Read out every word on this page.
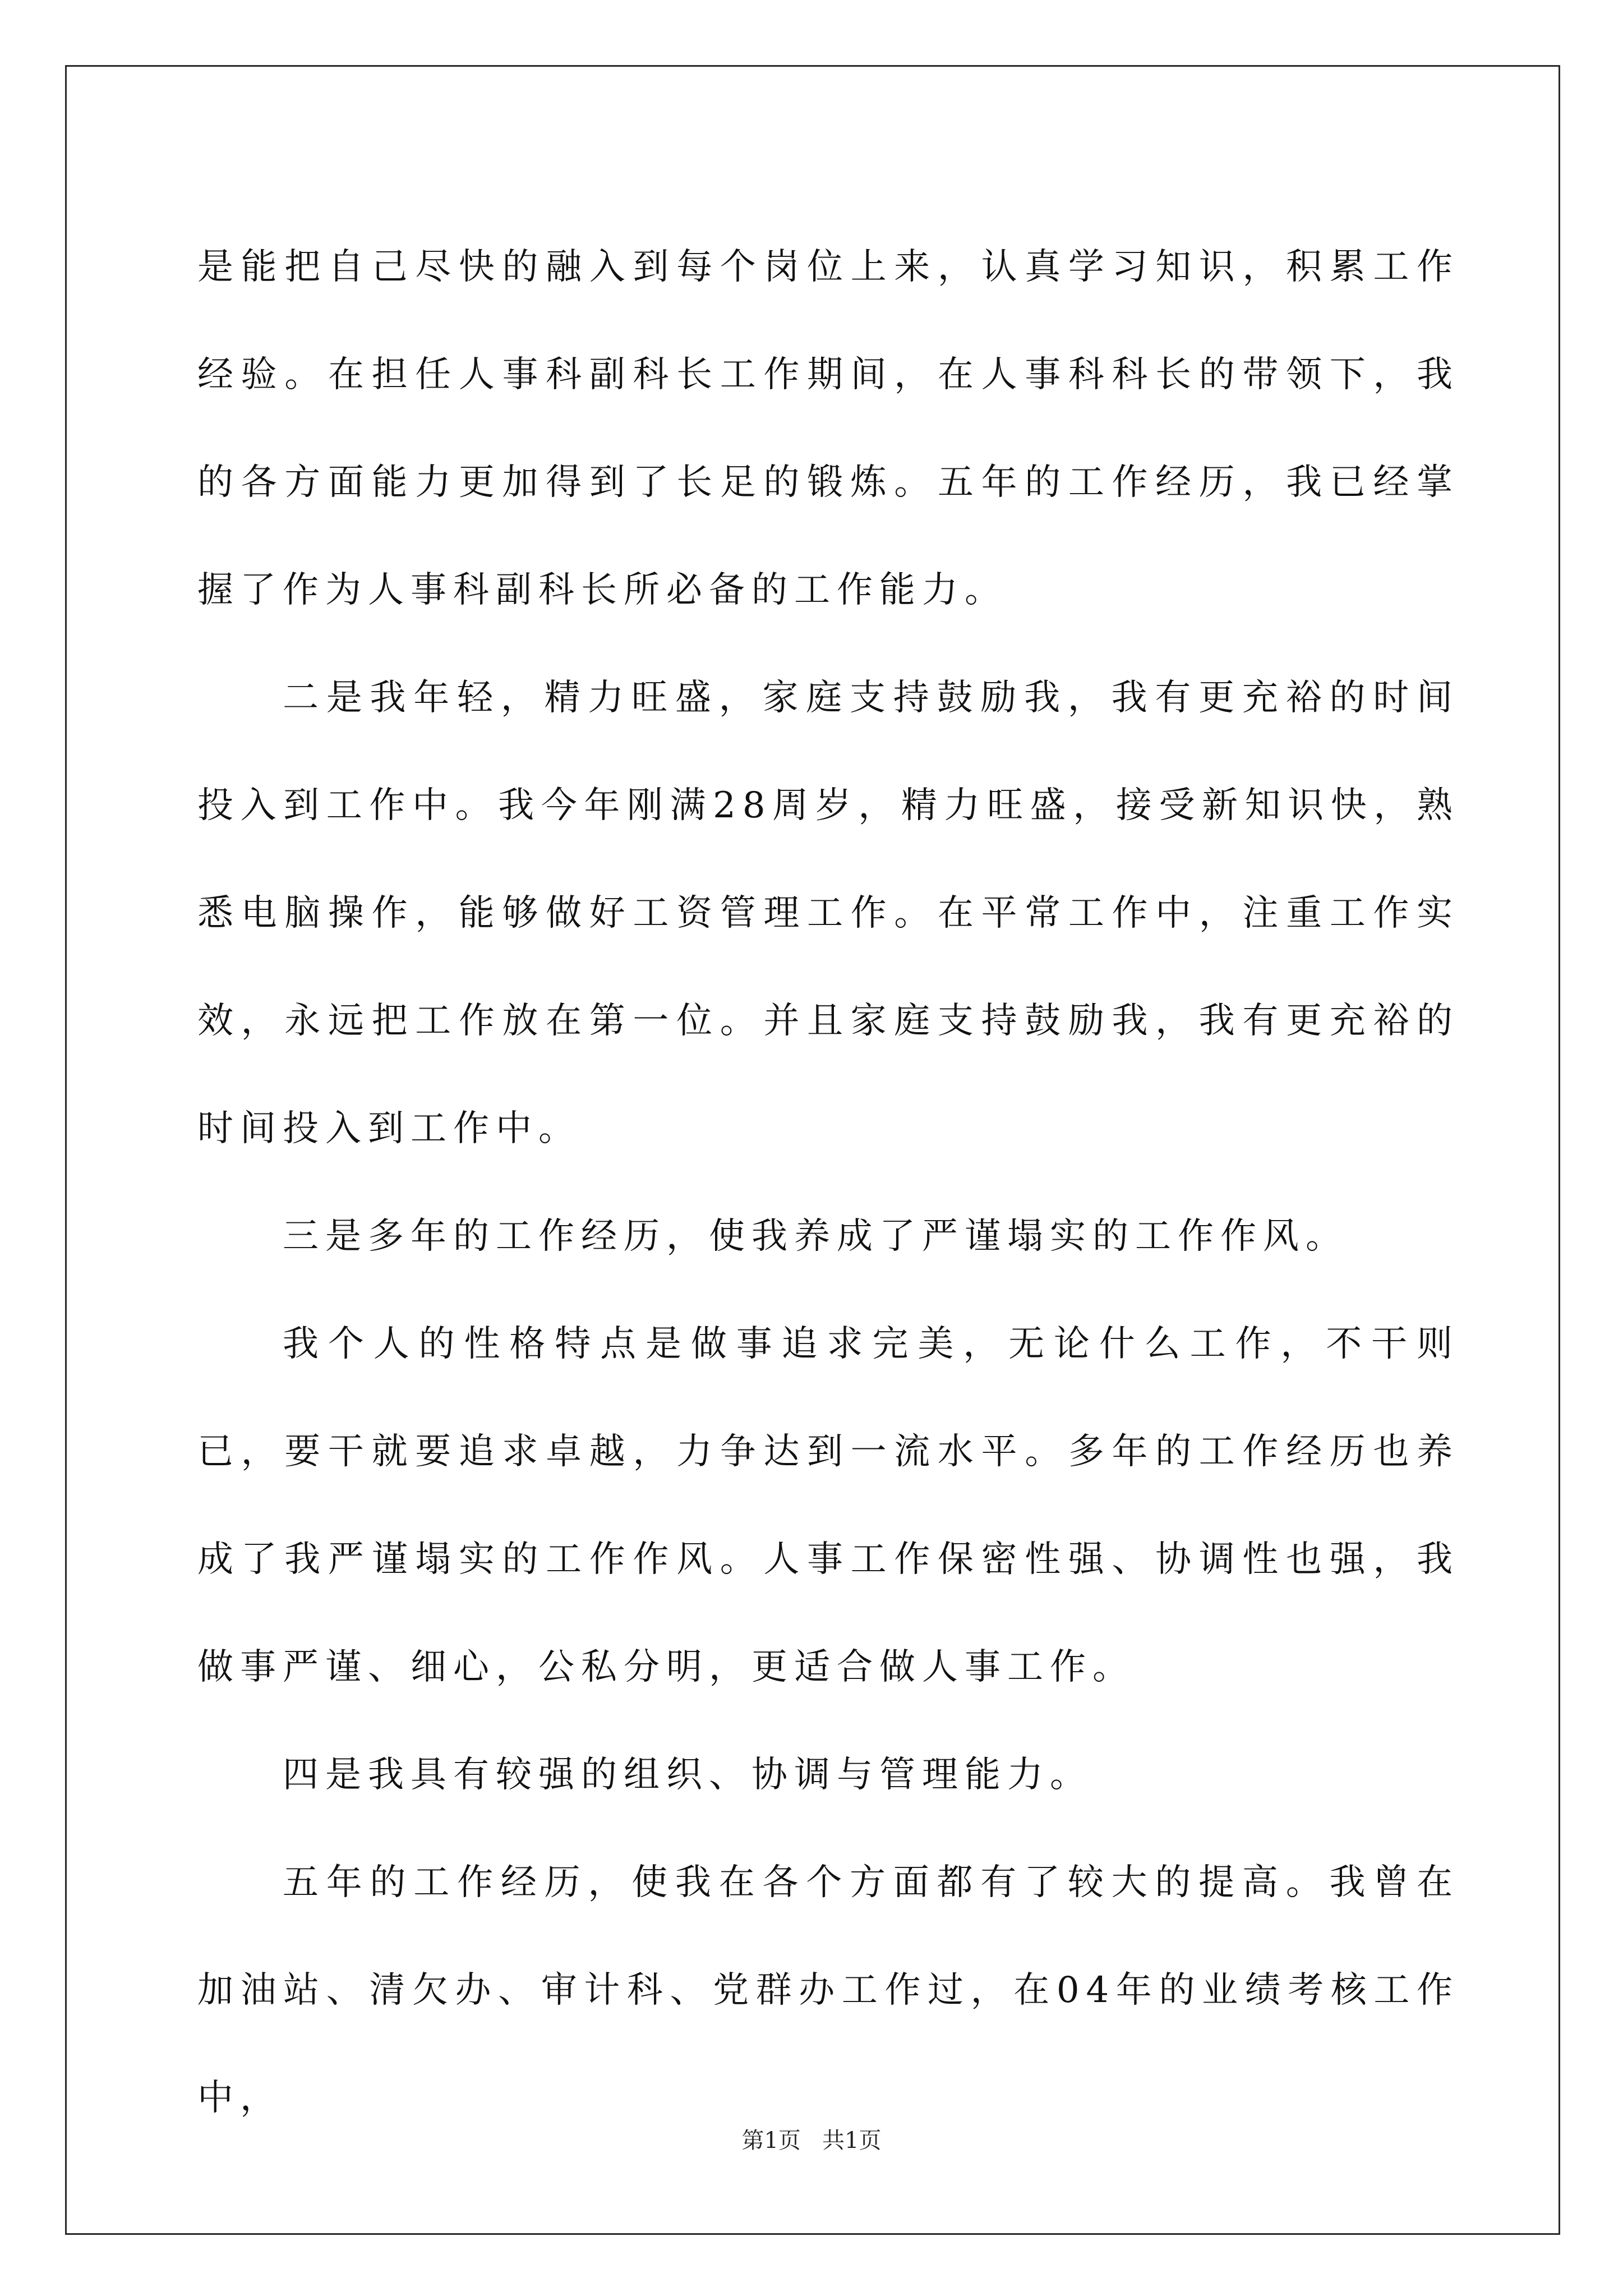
是能把自己尽快的融入到每个岗位上来，认真学习知识，积累工作经验。在担任人事科副科长工作期间，在人事科科长的带领下，我的各方面能力更加得到了长足的锻炼。五年的工作经历，我已经掌握了作为人事科副科长所必备的工作能力。

二是我年轻，精力旺盛，家庭支持鼓励我，我有更充裕的时间投入到工作中。我今年刚满28周岁，精力旺盛，接受新知识快，熟悉电脑操作，能够做好工资管理工作。在平常工作中，注重工作实效，永远把工作放在第一位。并且家庭支持鼓励我，我有更充裕的时间投入到工作中。

三是多年的工作经历，使我养成了严谨塌实的工作作风。

我个人的性格特点是做事追求完美，无论什么工作，不干则已，要干就要追求卓越，力争达到一流水平。多年的工作经历也养成了我严谨塌实的工作作风。人事工作保密性强、协调性也强，我做事严谨、细心，公私分明，更适合做人事工作。

四是我具有较强的组织、协调与管理能力。

五年的工作经历，使我在各个方面都有了较大的提高。我曾在加油站、清欠办、审计科、党群办工作过，在04年的业绩考核工作中，

第1页   共1页
